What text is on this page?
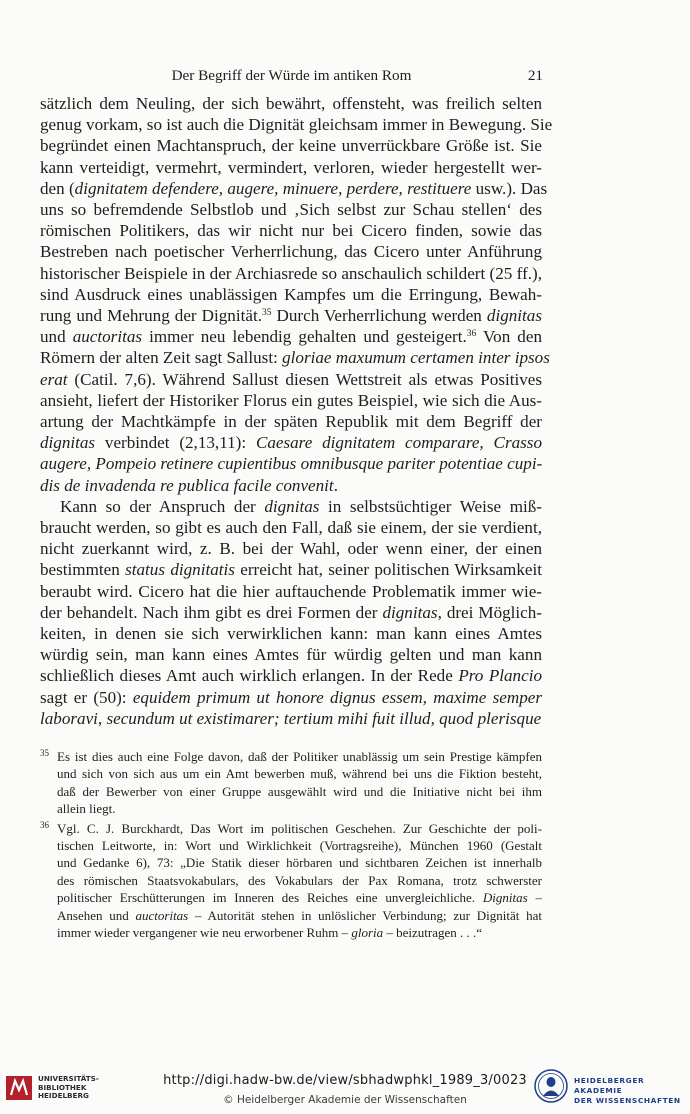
Der Begriff der Würde im antiken Rom	21
sätzlich dem Neuling, der sich bewährt, offensteht, was freilich selten
genug vorkam, so ist auch die Dignität gleichsam immer in Bewegung. Sie
begründet einen Machtanspruch, der keine unverrückbare Größe ist. Sie
kann verteidigt, vermehrt, vermindert, verloren, wieder hergestellt wer-
den (dignitatem defendere, augere, minuere, perdere, restituere usw.). Das
uns so befremdende Selbstlob und ‚Sich selbst zur Schau stellen‘ des
römischen Politikers, das wir nicht nur bei Cicero finden, sowie das
Bestreben nach poetischer Verherrlichung, das Cicero unter Anführung
historischer Beispiele in der Archiasrede so anschaulich schildert (25 ff.),
sind Ausdruck eines unablässigen Kampfes um die Erringung, Bewah-
rung und Mehrung der Dignität.$^{35}$ Durch Verherrlichung werden dignitas
und auctoritas immer neu lebendig gehalten und gesteigert.$^{36}$ Von den
Römern der alten Zeit sagt Sallust: gloriae maxumum certamen inter ipsos
erat (Catil. 7,6). Während Sallust diesen Wettstreit als etwas Positives
ansieht, liefert der Historiker Florus ein gutes Beispiel, wie sich die Aus-
artung der Machtkämpfe in der späten Republik mit dem Begriff der
dignitas verbindet (2,13,11): Caesare dignitatem comparare, Crasso
augere, Pompeio retinere cupientibus omnibusque pariter potentiae cupi-
dis de invadenda re publica facile convenit.
Kann so der Anspruch der dignitas in selbstsüchtiger Weise miß-
braucht werden, so gibt es auch den Fall, daß sie einem, der sie verdient,
nicht zuerkannt wird, z. B. bei der Wahl, oder wenn einer, der einen
bestimmten status dignitatis erreicht hat, seiner politischen Wirksamkeit
beraubt wird. Cicero hat die hier auftauchende Problematik immer wie-
der behandelt. Nach ihm gibt es drei Formen der dignitas, drei Möglich-
keiten, in denen sie sich verwirklichen kann: man kann eines Amtes
würdig sein, man kann eines Amtes für würdig gelten und man kann
schließlich dieses Amt auch wirklich erlangen. In der Rede Pro Plancio
sagt er (50): equidem primum ut honore dignus essem, maxime semper
laboravi, secundum ut existimarer; tertium mihi fuit illud, quod plerisque
35 Es ist dies auch eine Folge davon, daß der Politiker unablässig um sein Prestige kämpfen
und sich von sich aus um ein Amt bewerben muß, während bei uns die Fiktion besteht,
daß der Bewerber von einer Gruppe ausgewählt wird und die Initiative nicht bei ihm
allein liegt.
36 Vgl. C. J. Burckhardt, Das Wort im politischen Geschehen. Zur Geschichte der poli-
tischen Leitworte, in: Wort und Wirklichkeit (Vortragsreihe), München 1960 (Gestalt
und Gedanke 6), 73: „Die Statik dieser hörbaren und sichtbaren Zeichen ist innerhalb
des römischen Staatsvokabulars, des Vokabulars der Pax Romana, trotz schwerster
politischer Erschütterungen im Inneren des Reiches eine unvergleichliche. Dignitas –
Ansehen und auctoritas – Autorität stehen in unlöslicher Verbindung; zur Dignität hat
immer wieder vergangener wie neu erworbener Ruhm – gloria – beizutragen . . .“
UNIVERSITÄTS-
BIBLIOTHEK
HEIDELBERG
http://digi.hadw-bw.de/view/sbhadwphkl_1989_3/0023
© Heidelberger Akademie der Wissenschaften
HEIDELBERGER AKADEMIE
DER WISSENSCHAFTEN
